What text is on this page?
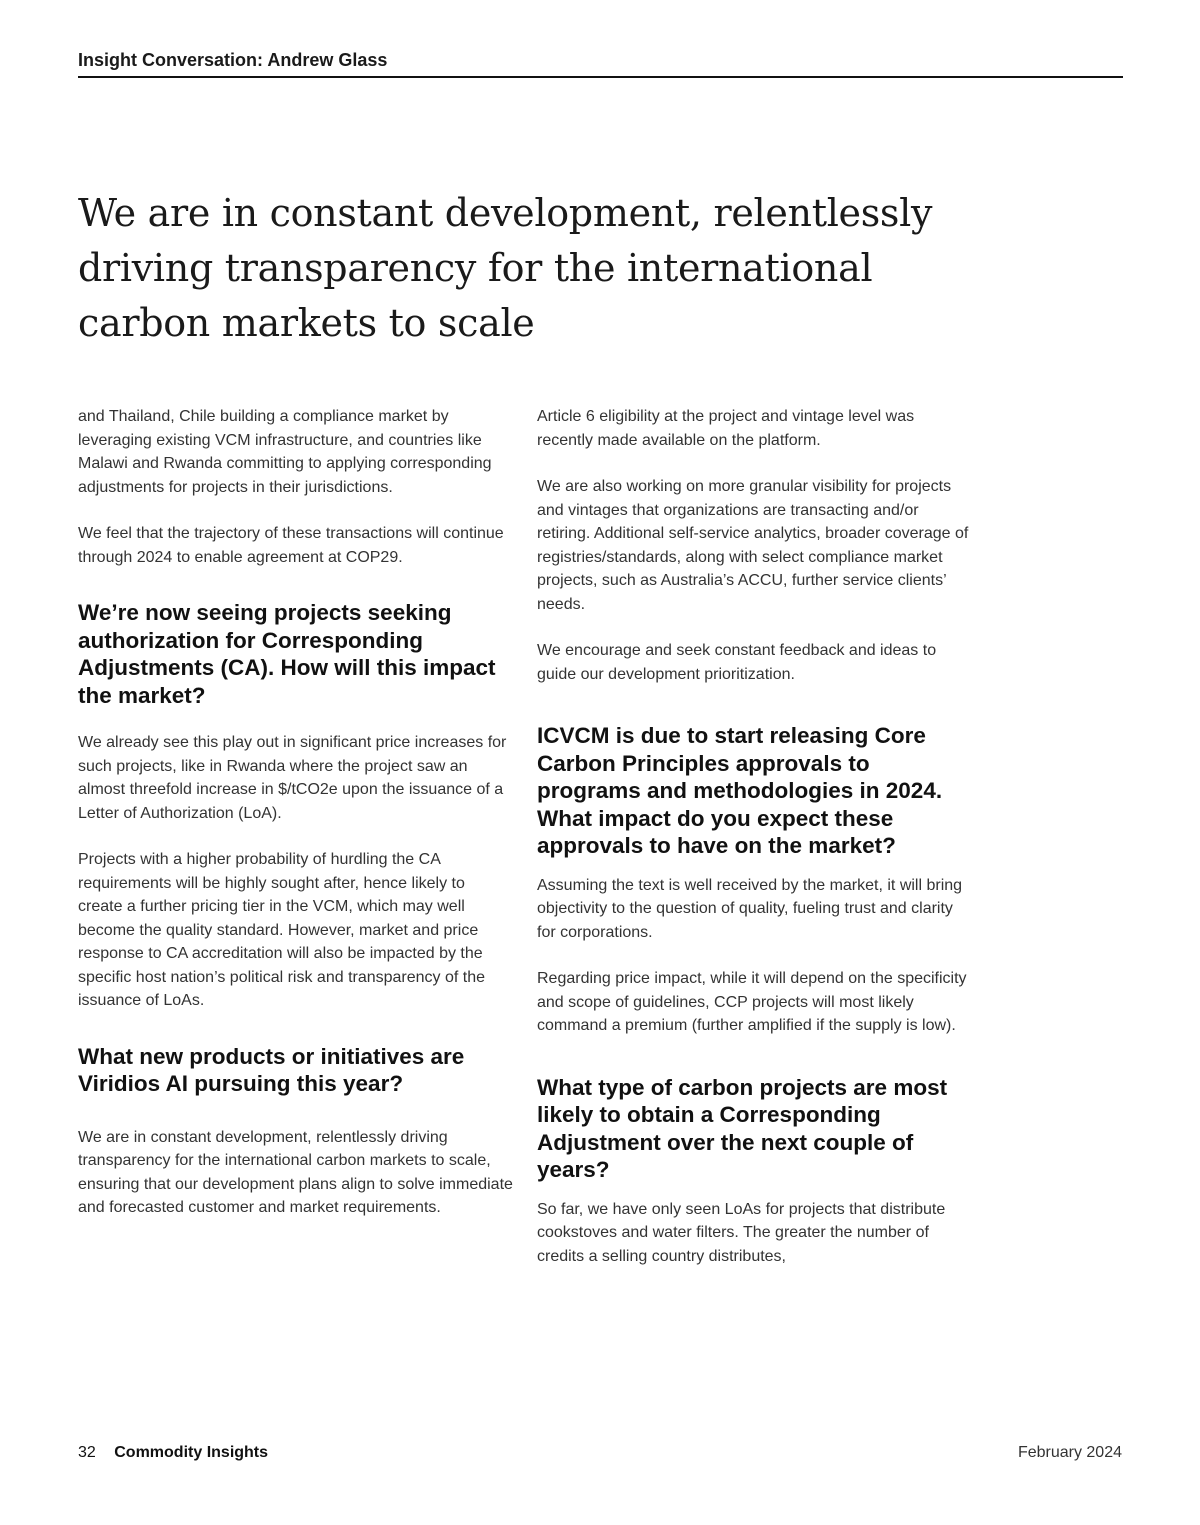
Insight Conversation: Andrew Glass
We are in constant development, relentlessly driving transparency for the international carbon markets to scale

and Thailand, Chile building a compliance market by leveraging existing VCM infrastructure, and countries like Malawi and Rwanda committing to applying corresponding adjustments for projects in their jurisdictions.

We feel that the trajectory of these transactions will continue through 2024 to enable agreement at COP29.

We’re now seeing projects seeking authorization for Corresponding Adjustments (CA). How will this impact the market?

We already see this play out in significant price increases for such projects, like in Rwanda where the project saw an almost threefold increase in $/tCO2e upon the issuance of a Letter of Authorization (LoA).

Projects with a higher probability of hurdling the CA requirements will be highly sought after, hence likely to create a further pricing tier in the VCM, which may well become the quality standard. However, market and price response to CA accreditation will also be impacted by the specific host nation’s political risk and transparency of the issuance of LoAs.

What new products or initiatives are Viridios AI pursuing this year?

We are in constant development, relentlessly driving transparency for the international carbon markets to scale, ensuring that our development plans align to solve immediate and forecasted customer and market requirements.

Article 6 eligibility at the project and vintage level was recently made available on the platform.

We are also working on more granular visibility for projects and vintages that organizations are transacting and/or retiring. Additional self-service analytics, broader coverage of registries/standards, along with select compliance market projects, such as Australia’s ACCU, further service clients’ needs.

We encourage and seek constant feedback and ideas to guide our development prioritization.

ICVCM is due to start releasing Core Carbon Principles approvals to programs and methodologies in 2024. What impact do you expect these approvals to have on the market?

Assuming the text is well received by the market, it will bring objectivity to the question of quality, fueling trust and clarity for corporations.

Regarding price impact, while it will depend on the specificity and scope of guidelines, CCP projects will most likely command a premium (further amplified if the supply is low).

What type of carbon projects are most likely to obtain a Corresponding Adjustment over the next couple of years?

So far, we have only seen LoAs for projects that distribute cookstoves and water filters. The greater the number of credits a selling country distributes,

32 Commodity Insights	February 2024
